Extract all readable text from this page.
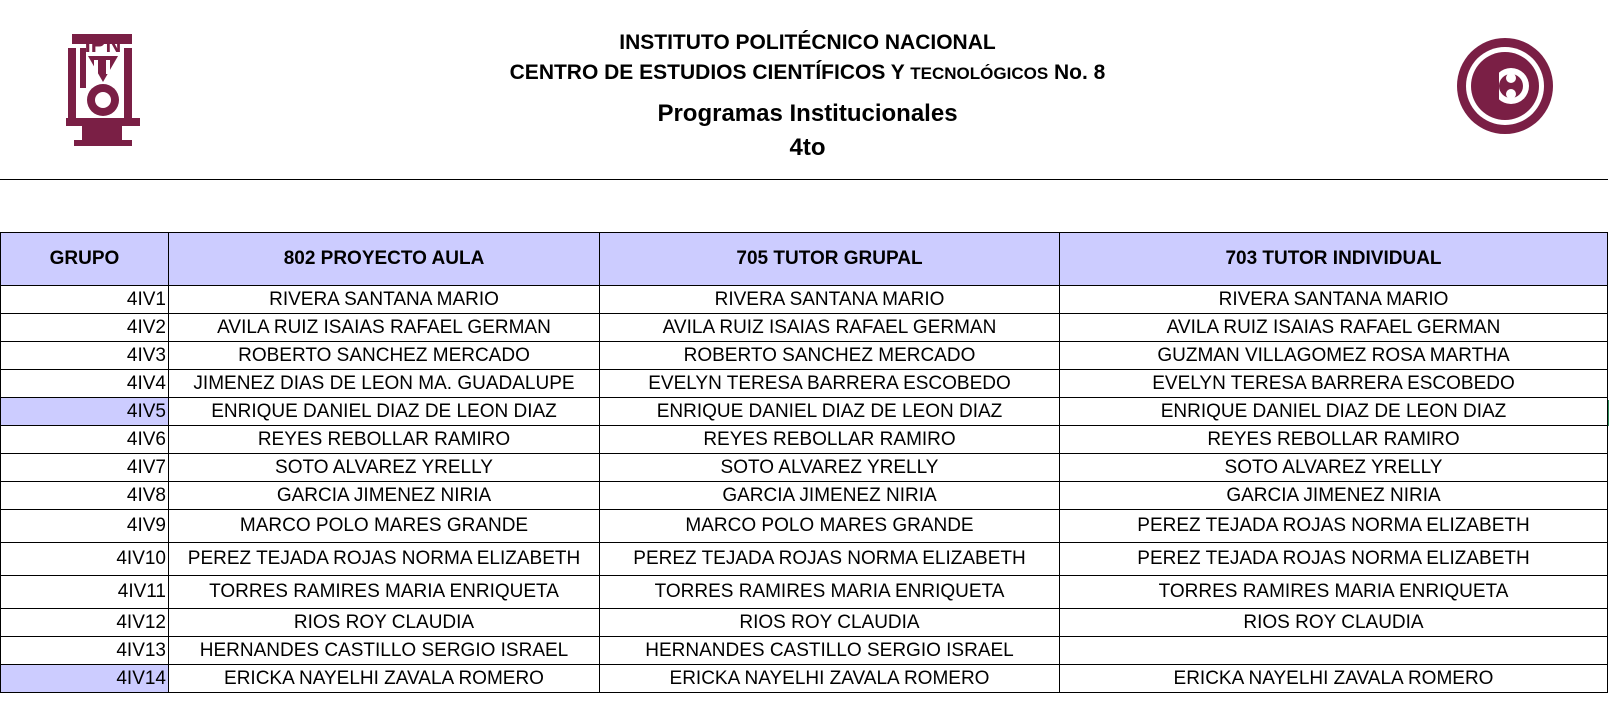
IPN	INSTITUTO POLITÉCNICO NACIONAL
CENTRO DE ESTUDIOS CIENTÍFICOS Y TECNOLÓGICOS No. 8
Programas Institucionales
4to
GRUPO	802 PROYECTO AULA	705 TUTOR GRUPAL	703 TUTOR INDIVIDUAL
4IV1	RIVERA SANTANA MARIO	RIVERA SANTANA MARIO	RIVERA SANTANA MARIO
4IV2	AVILA RUIZ ISAIAS RAFAEL GERMAN	AVILA RUIZ ISAIAS RAFAEL GERMAN	AVILA RUIZ ISAIAS RAFAEL GERMAN
4IV3	ROBERTO SANCHEZ MERCADO	ROBERTO SANCHEZ MERCADO	GUZMAN VILLAGOMEZ ROSA MARTHA
4IV4	JIMENEZ DIAS DE LEON MA. GUADALUPE	EVELYN TERESA BARRERA ESCOBEDO	EVELYN TERESA BARRERA ESCOBEDO
4IV5	ENRIQUE DANIEL DIAZ DE LEON DIAZ	ENRIQUE DANIEL DIAZ DE LEON DIAZ	ENRIQUE DANIEL DIAZ DE LEON DIAZ
4IV6	REYES REBOLLAR RAMIRO	REYES REBOLLAR RAMIRO	REYES REBOLLAR RAMIRO
4IV7	SOTO ALVAREZ YRELLY	SOTO ALVAREZ YRELLY	SOTO ALVAREZ YRELLY
4IV8	GARCIA JIMENEZ NIRIA	GARCIA JIMENEZ NIRIA	GARCIA JIMENEZ NIRIA
4IV9	MARCO POLO MARES GRANDE	MARCO POLO MARES GRANDE	PEREZ TEJADA ROJAS NORMA ELIZABETH
4IV10	PEREZ TEJADA ROJAS NORMA ELIZABETH	PEREZ TEJADA ROJAS NORMA ELIZABETH	PEREZ TEJADA ROJAS NORMA ELIZABETH
4IV11	TORRES RAMIRES MARIA ENRIQUETA	TORRES RAMIRES MARIA ENRIQUETA	TORRES RAMIRES MARIA ENRIQUETA
4IV12	RIOS ROY CLAUDIA	RIOS ROY CLAUDIA	RIOS ROY CLAUDIA
4IV13	HERNANDES CASTILLO SERGIO ISRAEL	HERNANDES CASTILLO SERGIO ISRAEL	
4IV14	ERICKA NAYELHI ZAVALA ROMERO	ERICKA NAYELHI ZAVALA ROMERO	ERICKA NAYELHI ZAVALA ROMERO
